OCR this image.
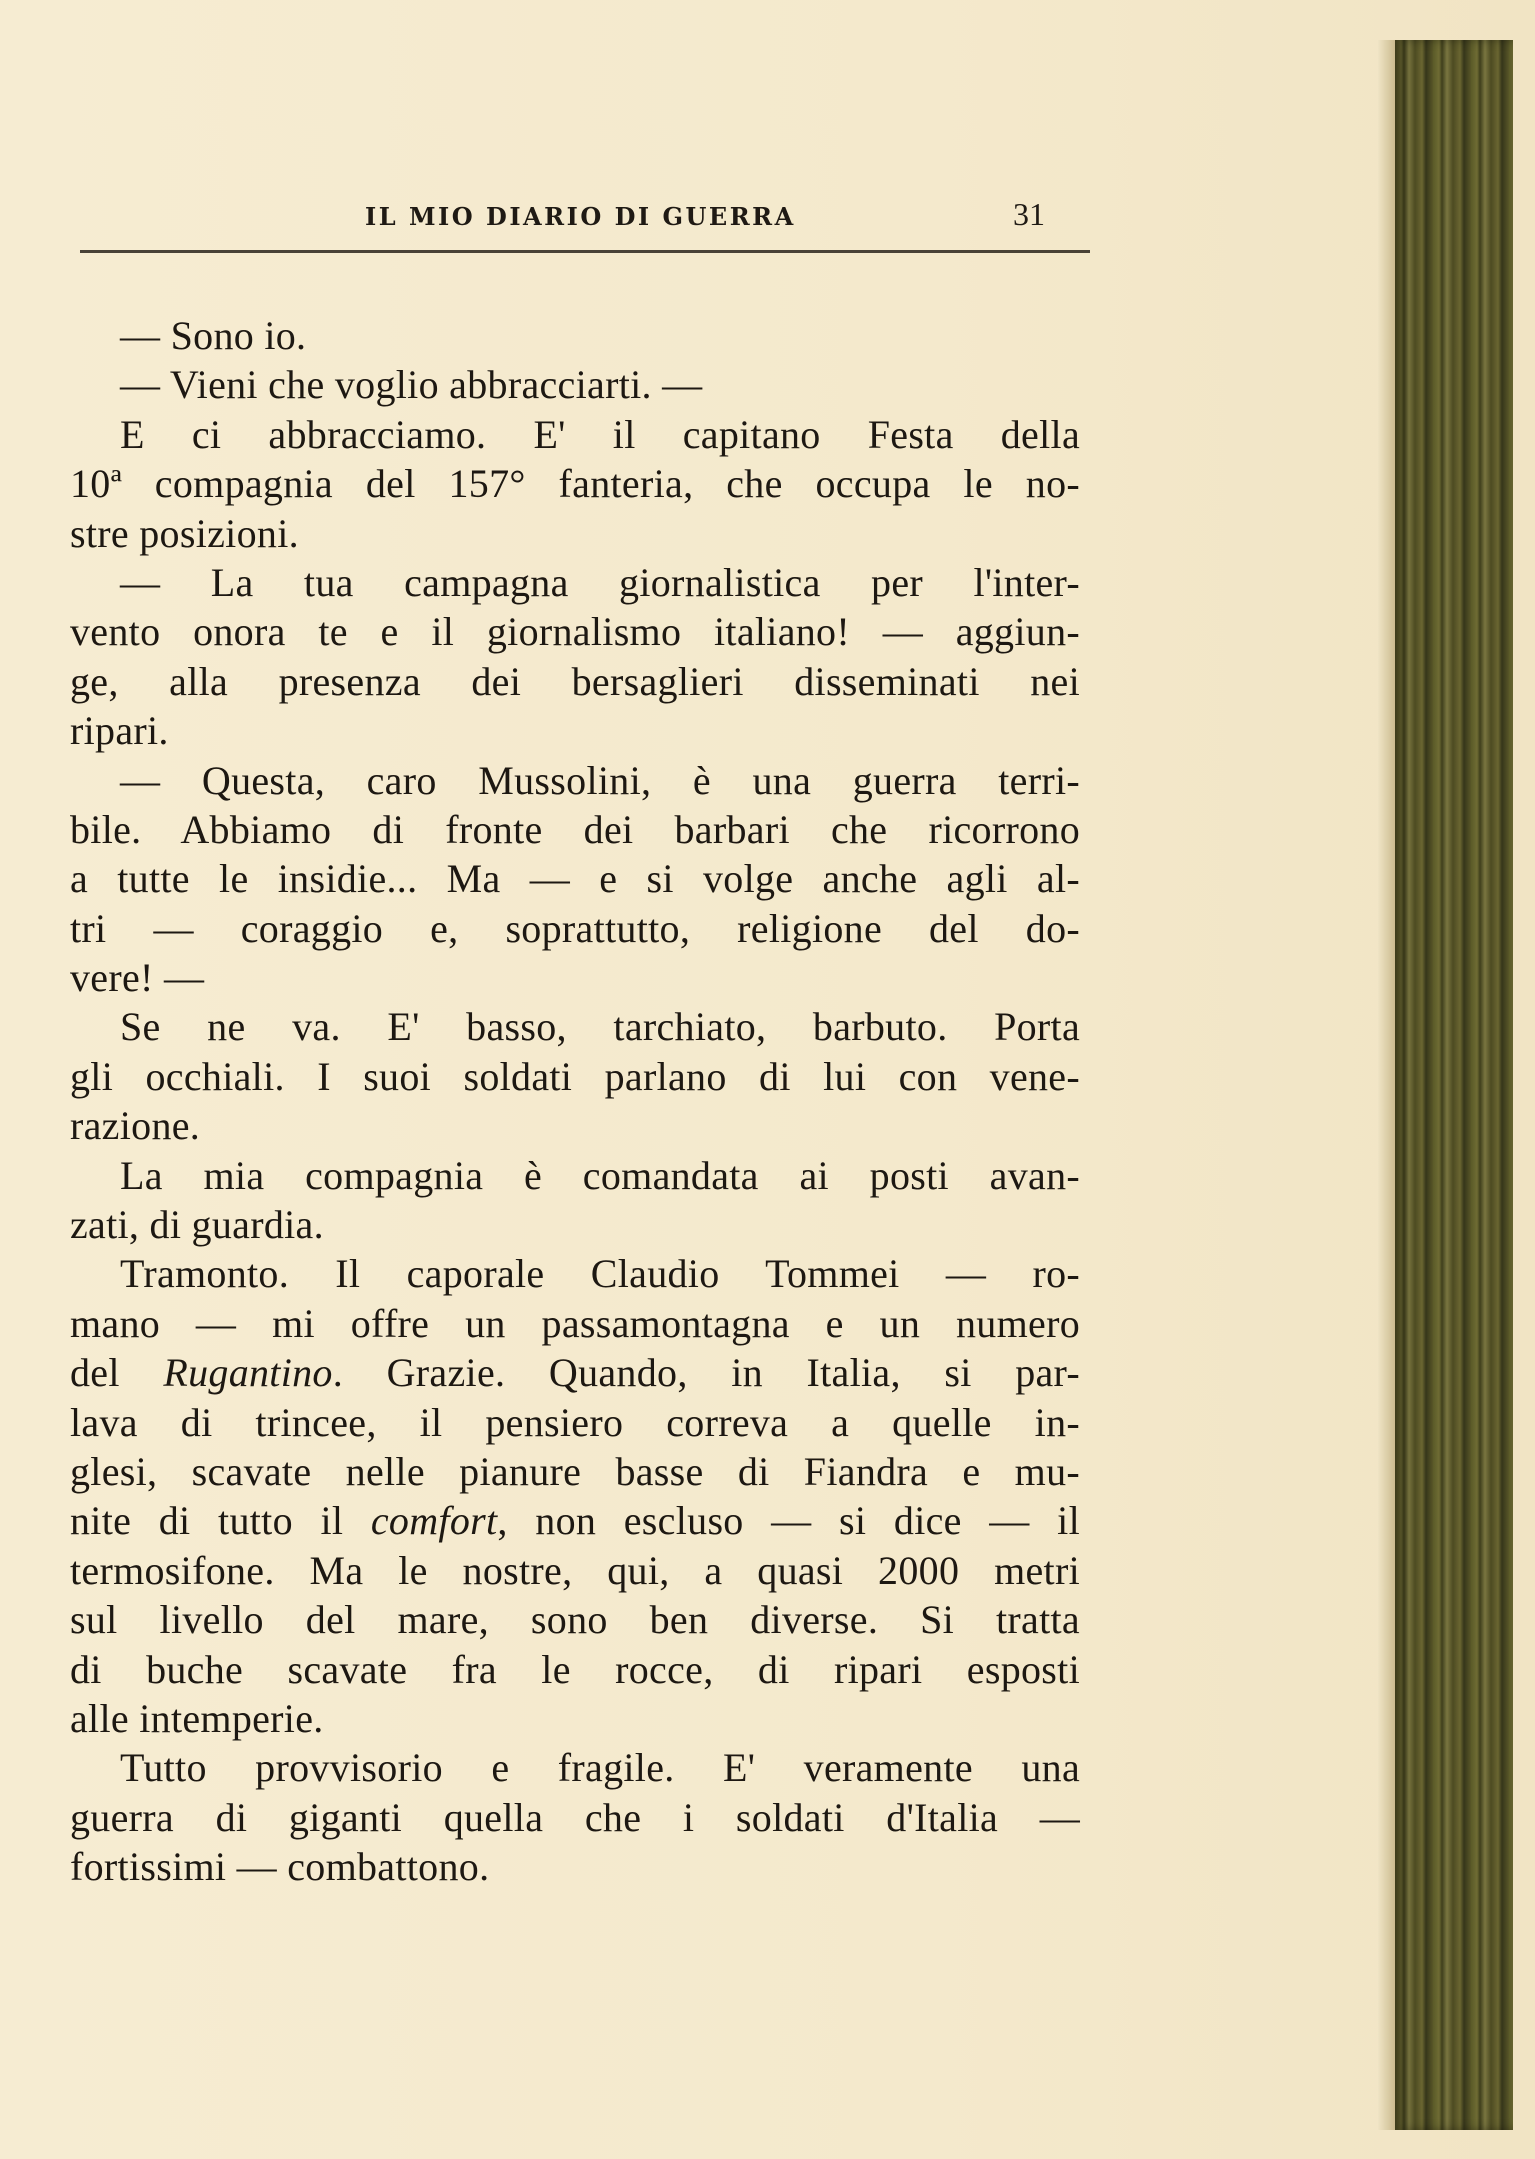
IL MIO DIARIO DI GUERRA	31
— Sono io.
— Vieni che voglio abbracciarti. —
E ci abbracciamo. E' il capitano Festa della
10ª compagnia del 157° fanteria, che occupa le no-
stre posizioni.
— La tua campagna giornalistica per l'inter-
vento onora te e il giornalismo italiano! — aggiun-
ge, alla presenza dei bersaglieri disseminati nei
ripari.
— Questa, caro Mussolini, è una guerra terri-
bile. Abbiamo di fronte dei barbari che ricorrono
a tutte le insidie... Ma — e si volge anche agli al-
tri — coraggio e, soprattutto, religione del do-
vere! —
Se ne va. E' basso, tarchiato, barbuto. Porta
gli occhiali. I suoi soldati parlano di lui con vene-
razione.
La mia compagnia è comandata ai posti avan-
zati, di guardia.
Tramonto. Il caporale Claudio Tommei — ro-
mano — mi offre un passamontagna e un numero
del Rugantino. Grazie. Quando, in Italia, si par-
lava di trincee, il pensiero correva a quelle in-
glesi, scavate nelle pianure basse di Fiandra e mu-
nite di tutto il comfort, non escluso — si dice — il
termosifone. Ma le nostre, qui, a quasi 2000 metri
sul livello del mare, sono ben diverse. Si tratta
di buche scavate fra le rocce, di ripari esposti
alle intemperie.
Tutto provvisorio e fragile. E' veramente una
guerra di giganti quella che i soldati d'Italia —
fortissimi — combattono.
